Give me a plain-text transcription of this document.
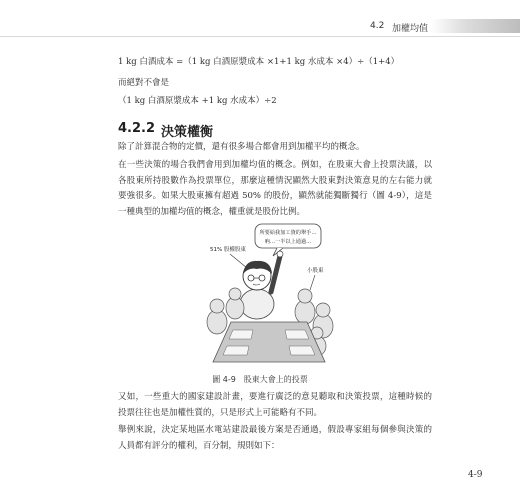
4.2 加權均值
1 kg 白酒成本 =（1 kg 白酒原漿成本 ×1+1 kg 水成本 ×4）÷（1+4）
而絕對不會是
（1 kg 白酒原漿成本 +1 kg 水成本）÷2
4.2.2 決策權衡
除了計算混合物的定價，還有很多場合都會用到加權平均的概念。
在一些決策的場合我們會用到加權均值的概念。例如，在股東大會上投票決議，以各股東所持股數作為投票單位，那麼這種情況顯然大股東對決策意見的左右能力就要強很多。如果大股東擁有超過 50% 的股份，顯然就能獨斷獨行（圖 4-9），這是一種典型的加權均值的概念，權重就是股份比例。
所要給我加工資的舉手…
吶…一半以上通過…
51% 股權股東
小股東
圖 4-9　股東大會上的投票
又如，一些重大的國家建設計畫，要進行廣泛的意見聽取和決策投票，這種時候的投票往往也是加權性質的，只是形式上可能略有不同。
舉例來說，決定某地區水電站建設最後方案是否通過，假設專家組每個參與決策的人員都有評分的權利，百分制，規則如下：
4-9
